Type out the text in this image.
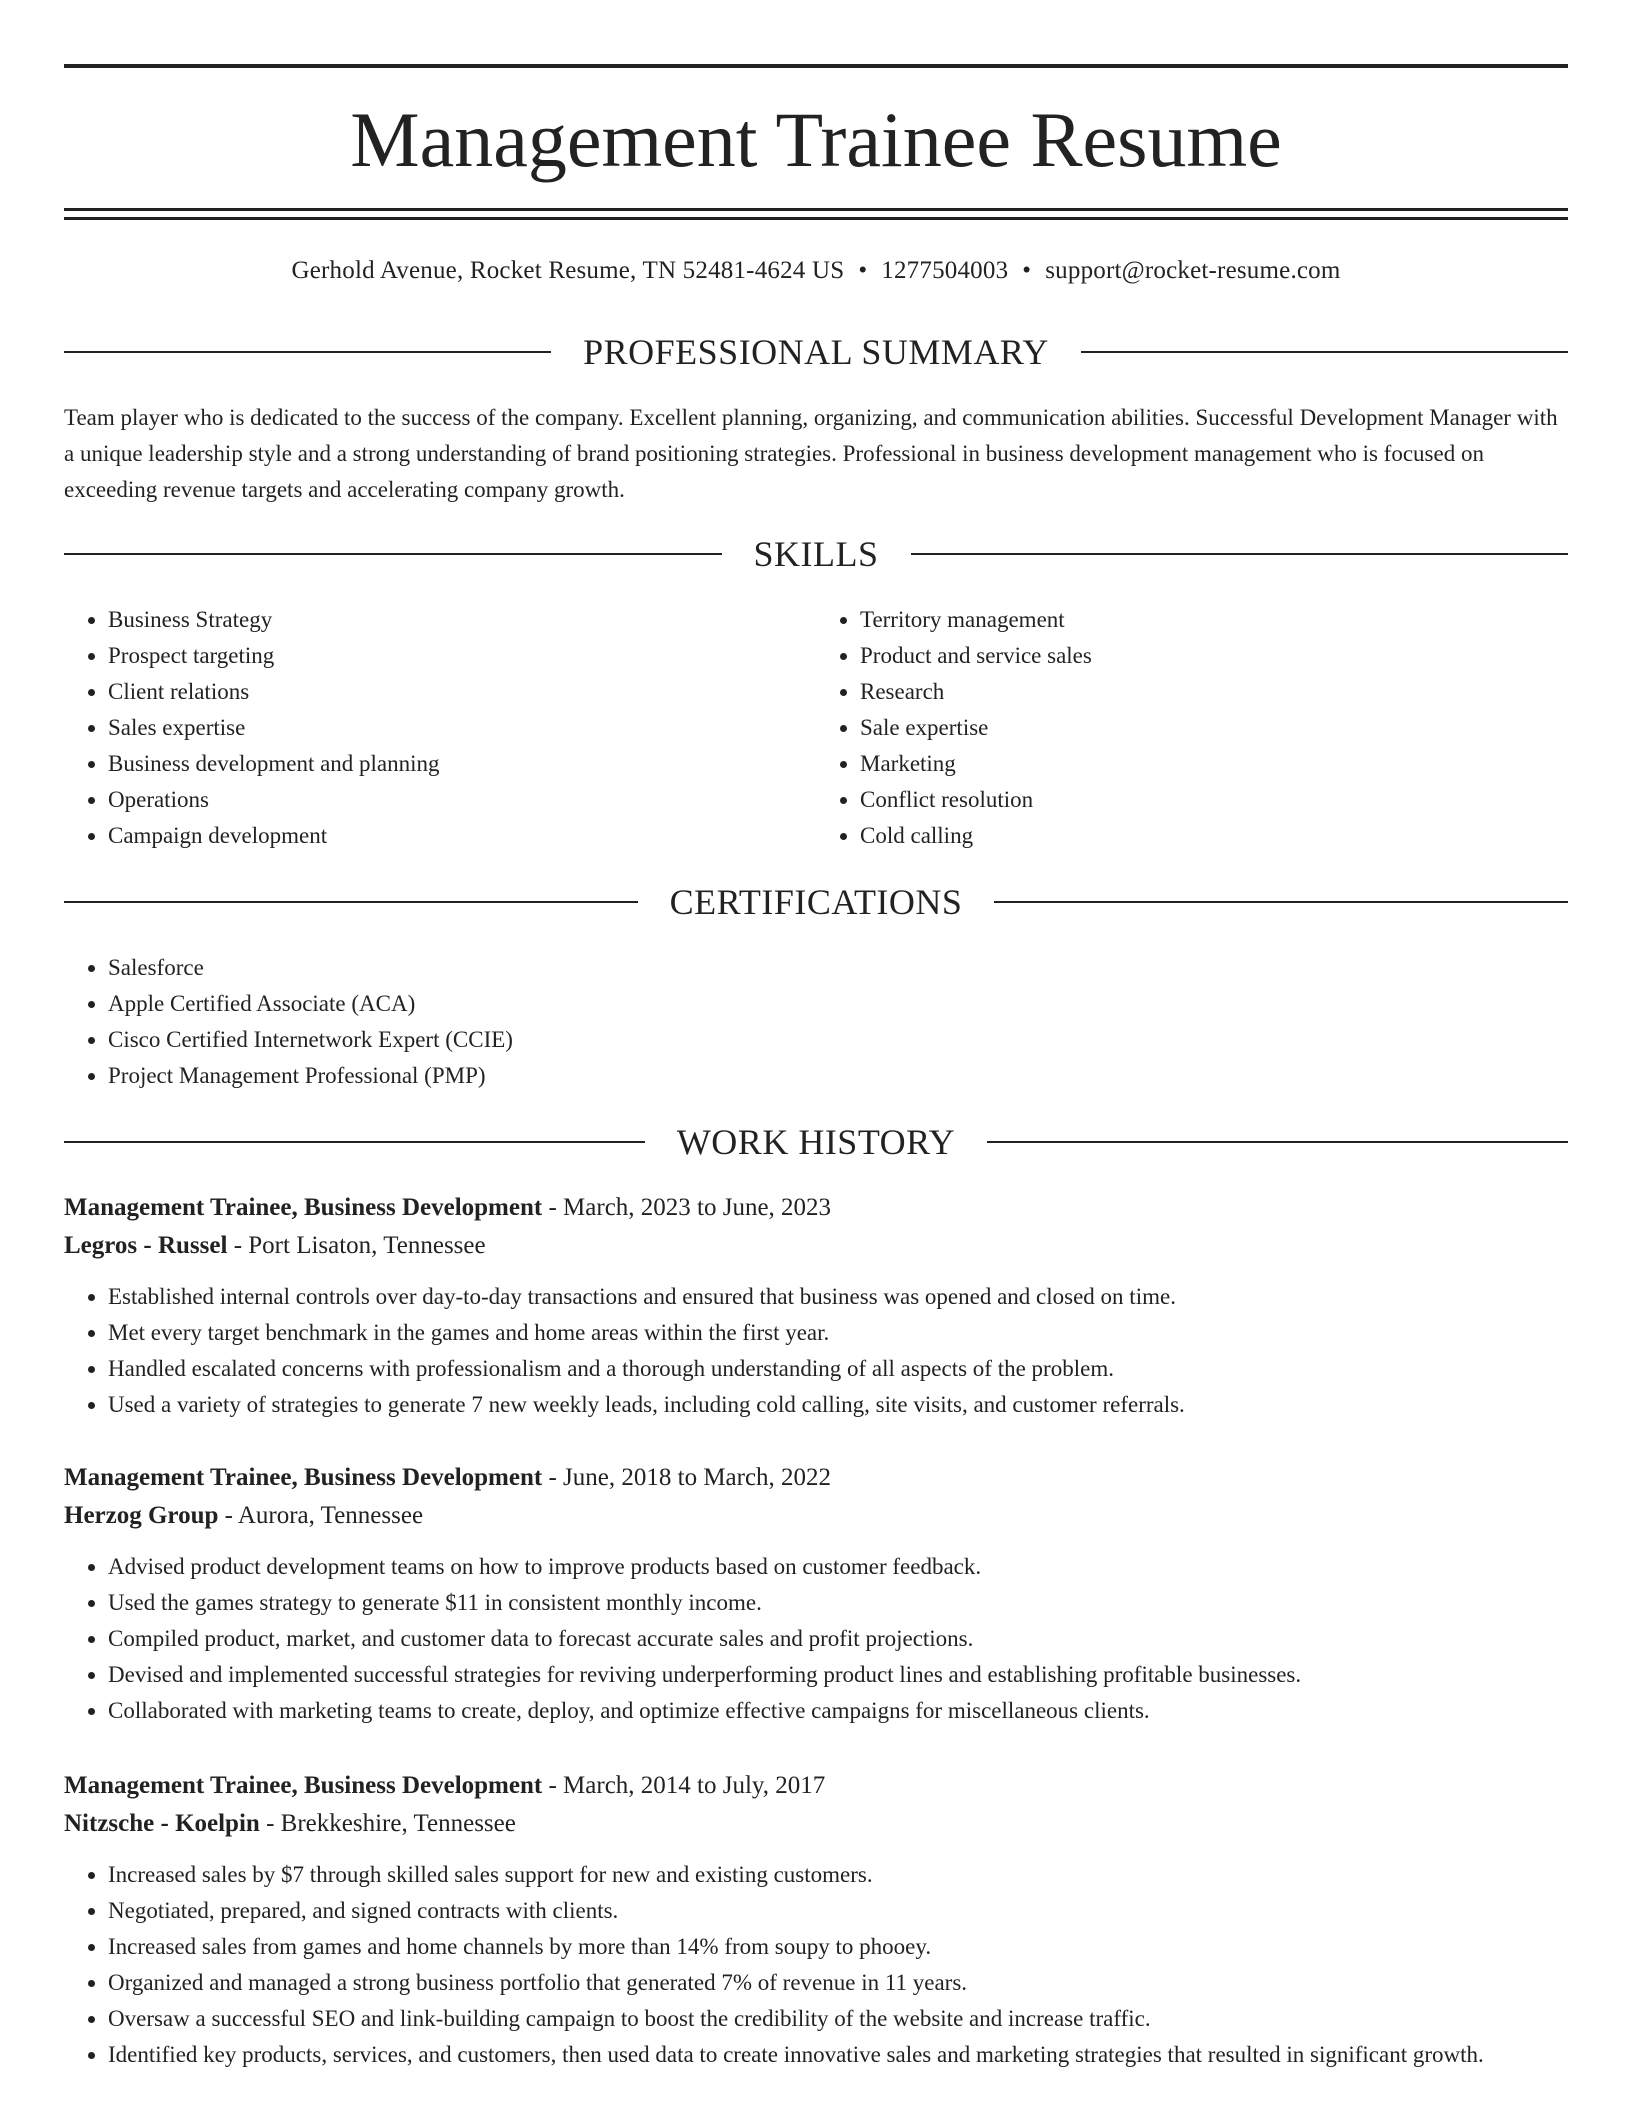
Management Trainee Resume
Gerhold Avenue, Rocket Resume, TN 52481-4624 US • 1277504003 • support@rocket-resume.com
PROFESSIONAL SUMMARY

Team player who is dedicated to the success of the company. Excellent planning, organizing, and communication abilities. Successful Development Manager with a unique leadership style and a strong understanding of brand positioning strategies. Professional in business development management who is focused on exceeding revenue targets and accelerating company growth.

SKILLS
• Business Strategy
• Prospect targeting
• Client relations
• Sales expertise
• Business development and planning
• Operations
• Campaign development
• Territory management
• Product and service sales
• Research
• Sale expertise
• Marketing
• Conflict resolution
• Cold calling
CERTIFICATIONS
• Salesforce
• Apple Certified Associate (ACA)
• Cisco Certified Internetwork Expert (CCIE)
• Project Management Professional (PMP)
WORK HISTORY

Management Trainee, Business Development - March, 2023 to June, 2023

Legros - Russel - Port Lisaton, Tennessee

• Established internal controls over day-to-day transactions and ensured that business was opened and closed on time.
• Met every target benchmark in the games and home areas within the first year.
• Handled escalated concerns with professionalism and a thorough understanding of all aspects of the problem.
• Used a variety of strategies to generate 7 new weekly leads, including cold calling, site visits, and customer referrals.

Management Trainee, Business Development - June, 2018 to March, 2022

Herzog Group - Aurora, Tennessee

• Advised product development teams on how to improve products based on customer feedback.
• Used the games strategy to generate $11 in consistent monthly income.
• Compiled product, market, and customer data to forecast accurate sales and profit projections.
• Devised and implemented successful strategies for reviving underperforming product lines and establishing profitable businesses.
• Collaborated with marketing teams to create, deploy, and optimize effective campaigns for miscellaneous clients.

Management Trainee, Business Development - March, 2014 to July, 2017

Nitzsche - Koelpin - Brekkeshire, Tennessee

• Increased sales by $7 through skilled sales support for new and existing customers.
• Negotiated, prepared, and signed contracts with clients.
• Increased sales from games and home channels by more than 14% from soupy to phooey.
• Organized and managed a strong business portfolio that generated 7% of revenue in 11 years.
• Oversaw a successful SEO and link-building campaign to boost the credibility of the website and increase traffic.
• Identified key products, services, and customers, then used data to create innovative sales and marketing strategies that resulted in significant growth.
